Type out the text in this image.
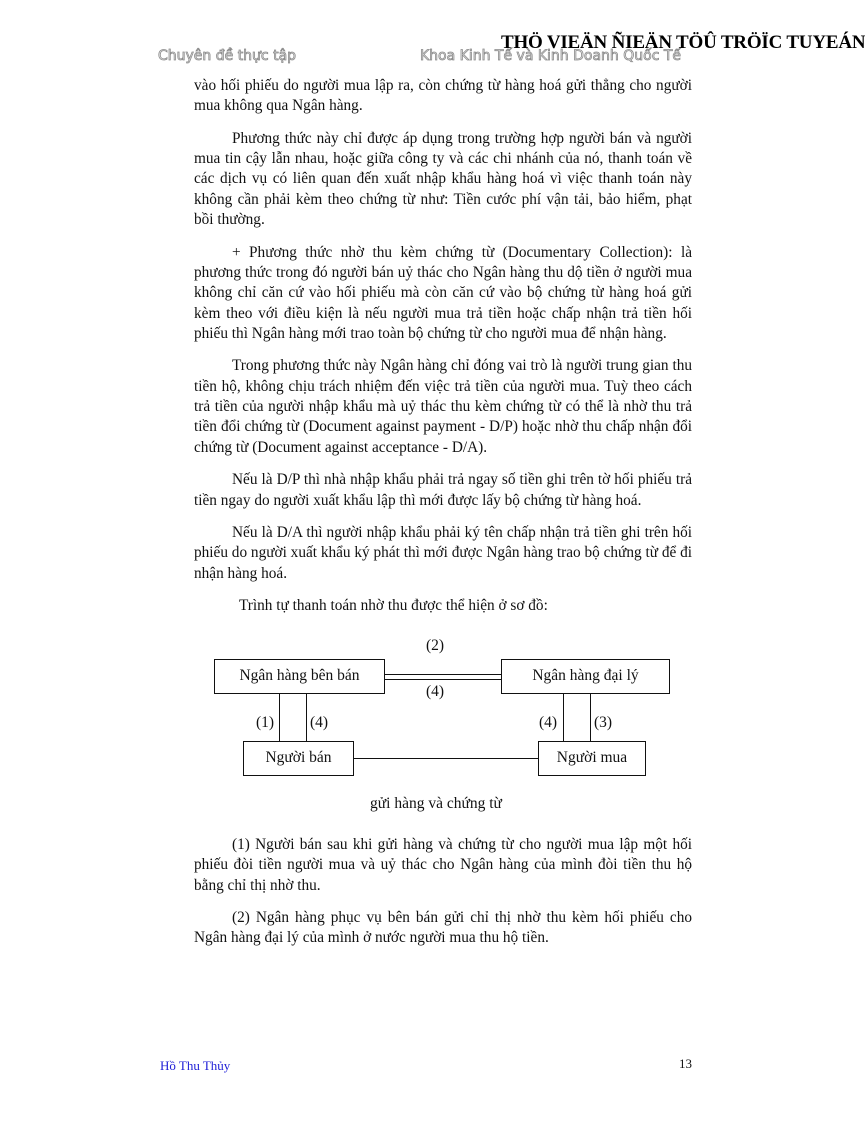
Chuyên đề thực tập	Khoa Kinh Tế và Kinh Doanh Quốc Tế
THÖ VIEÄN ÑIEÄN TÖÛ TRÖÏC TUYEÁN

vào hối phiếu do người mua lập ra, còn chứng từ hàng hoá gửi thẳng cho người mua không qua Ngân hàng.

Phương thức này chỉ được áp dụng trong trường hợp người bán và người mua tin cậy lẫn nhau, hoặc giữa công ty và các chi nhánh của nó, thanh toán về các dịch vụ có liên quan đến xuất nhập khẩu hàng hoá vì việc thanh toán này không cần phải kèm theo chứng từ như: Tiền cước phí vận tải, bảo hiểm, phạt bồi thường.

+ Phương thức nhờ thu kèm chứng từ (Documentary Collection): là phương thức trong đó người bán uỷ thác cho Ngân hàng thu dộ tiền ở người mua không chỉ căn cứ vào hối phiếu mà còn căn cứ vào bộ chứng từ hàng hoá gửi kèm theo với điều kiện là nếu người mua trả tiền hoặc chấp nhận trả tiền hối phiếu thì Ngân hàng mới trao toàn bộ chứng từ cho người mua để nhận hàng.

Trong phương thức này Ngân hàng chỉ đóng vai trò là người trung gian thu tiền hộ, không chịu trách nhiệm đến việc trả tiền của người mua. Tuỳ theo cách trả tiền của người nhập khẩu mà uỷ thác thu kèm chứng từ có thể là nhờ thu trả tiền đổi chứng từ (Document against payment - D/P) hoặc nhờ thu chấp nhận đổi chứng từ (Document against acceptance - D/A).

Nếu là D/P thì nhà nhập khẩu phải trả ngay số tiền ghi trên tờ hối phiếu trả tiền ngay do người xuất khẩu lập thì mới được lấy bộ chứng từ hàng hoá.

Nếu là D/A thì người nhập khẩu phải ký tên chấp nhận trả tiền ghi trên hối phiếu do người xuất khẩu ký phát thì mới được Ngân hàng trao bộ chứng từ để đi nhận hàng hoá.

Trình tự thanh toán nhờ thu được thể hiện ở sơ đồ:

Ngân hàng bên bán	Ngân hàng đại lý
Người bán	Người mua
(2)
(4)
(1) (4)	(4) (3)
gửi hàng và chứng từ

(1) Người bán sau khi gửi hàng và chứng từ cho người mua lập một hối phiếu đòi tiền người mua và uỷ thác cho Ngân hàng của mình đòi tiền thu hộ bằng chỉ thị nhờ thu.

(2) Ngân hàng phục vụ bên bán gửi chỉ thị nhờ thu kèm hối phiếu cho Ngân hàng đại lý của mình ở nước người mua thu hộ tiền.

Hồ Thu Thủy	13
